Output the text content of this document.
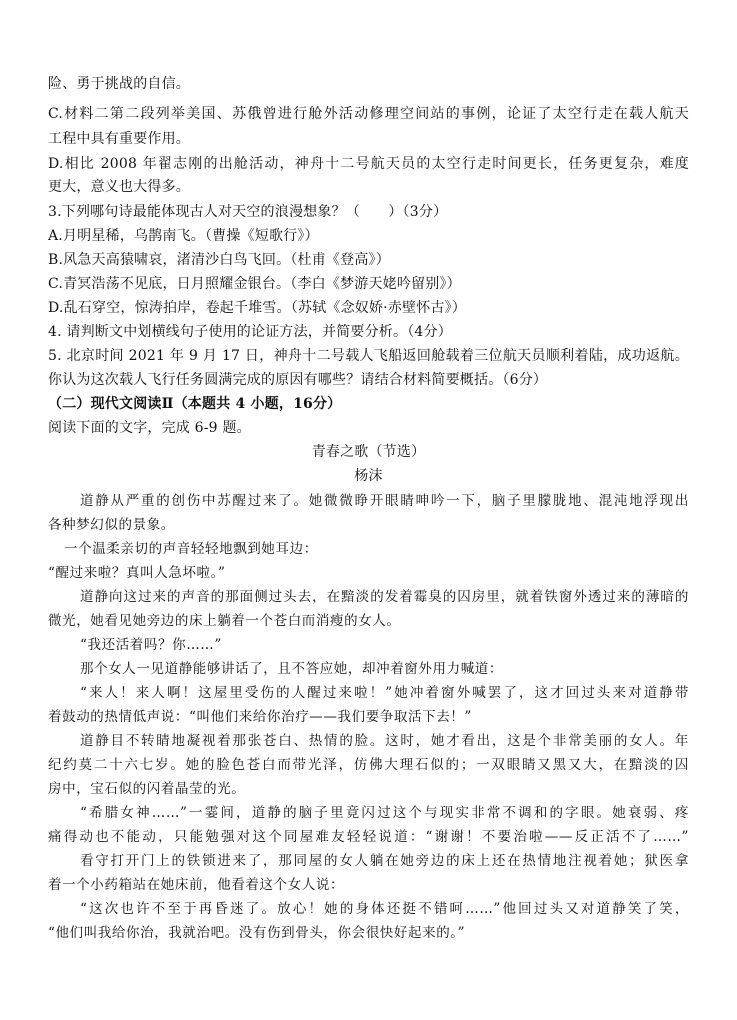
险、勇于挑战的自信。
C.材料二第二段列举美国、苏俄曾进行舱外活动修理空间站的事例，论证了太空行走在载人航天
工程中具有重要作用。
D.相比 2008 年翟志刚的出舱活动，神舟十二号航天员的太空行走时间更长，任务更复杂，难度
更大，意义也大得多。
3.下列哪句诗最能体现古人对天空的浪漫想象？（　　）（3分）
A.月明星稀，乌鹊南飞。（曹操《短歌行》）
B.风急天高猿啸哀，渚清沙白鸟飞回。（杜甫《登高》）
C.青冥浩荡不见底，日月照耀金银台。（李白《梦游天姥吟留别》）
D.乱石穿空，惊涛拍岸，卷起千堆雪。（苏轼《念奴娇·赤壁怀古》）
4. 请判断文中划横线句子使用的论证方法，并简要分析。（4分）
5. 北京时间 2021 年 9 月 17 日，神舟十二号载人飞船返回舱载着三位航天员顺利着陆，成功返航。
你认为这次载人飞行任务圆满完成的原因有哪些？请结合材料简要概括。（6分）
（二）现代文阅读Ⅱ（本题共 4 小题，16分）
阅读下面的文字，完成 6-9 题。
青春之歌（节选）
杨沫
道静从严重的创伤中苏醒过来了。她微微睁开眼睛呻吟一下，脑子里朦胧地、混沌地浮现出
各种梦幻似的景象。
一个温柔亲切的声音轻轻地飘到她耳边：
“醒过来啦？真叫人急坏啦。”
道静向这过来的声音的那面侧过头去，在黯淡的发着霉臭的囚房里，就着铁窗外透过来的薄暗的
微光，她看见她旁边的床上躺着一个苍白而消瘦的女人。
“我还活着吗？你……”
那个女人一见道静能够讲话了，且不答应她，却冲着窗外用力喊道：
“来人！来人啊！这屋里受伤的人醒过来啦！”她冲着窗外喊罢了，这才回过头来对道静带
着鼓动的热情低声说：“叫他们来给你治疗——我们要争取活下去！”
道静目不转睛地凝视着那张苍白、热情的脸。这时，她才看出，这是个非常美丽的女人。年
纪约莫二十六七岁。她的脸色苍白而带光泽，仿佛大理石似的；一双眼睛又黑又大，在黯淡的囚
房中，宝石似的闪着晶莹的光。
“希腊女神……”一霎间，道静的脑子里竟闪过这个与现实非常不调和的字眼。她衰弱、疼
痛得动也不能动，只能勉强对这个同屋难友轻轻说道：“谢谢！不要治啦——反正活不了……”
看守打开门上的铁锁进来了，那同屋的女人躺在她旁边的床上还在热情地注视着她；狱医拿
着一个小药箱站在她床前，他看着这个女人说：
“这次也许不至于再昏迷了。放心！她的身体还挺不错呵……”他回过头又对道静笑了笑，
“他们叫我给你治，我就治吧。没有伤到骨头，你会很快好起来的。”
